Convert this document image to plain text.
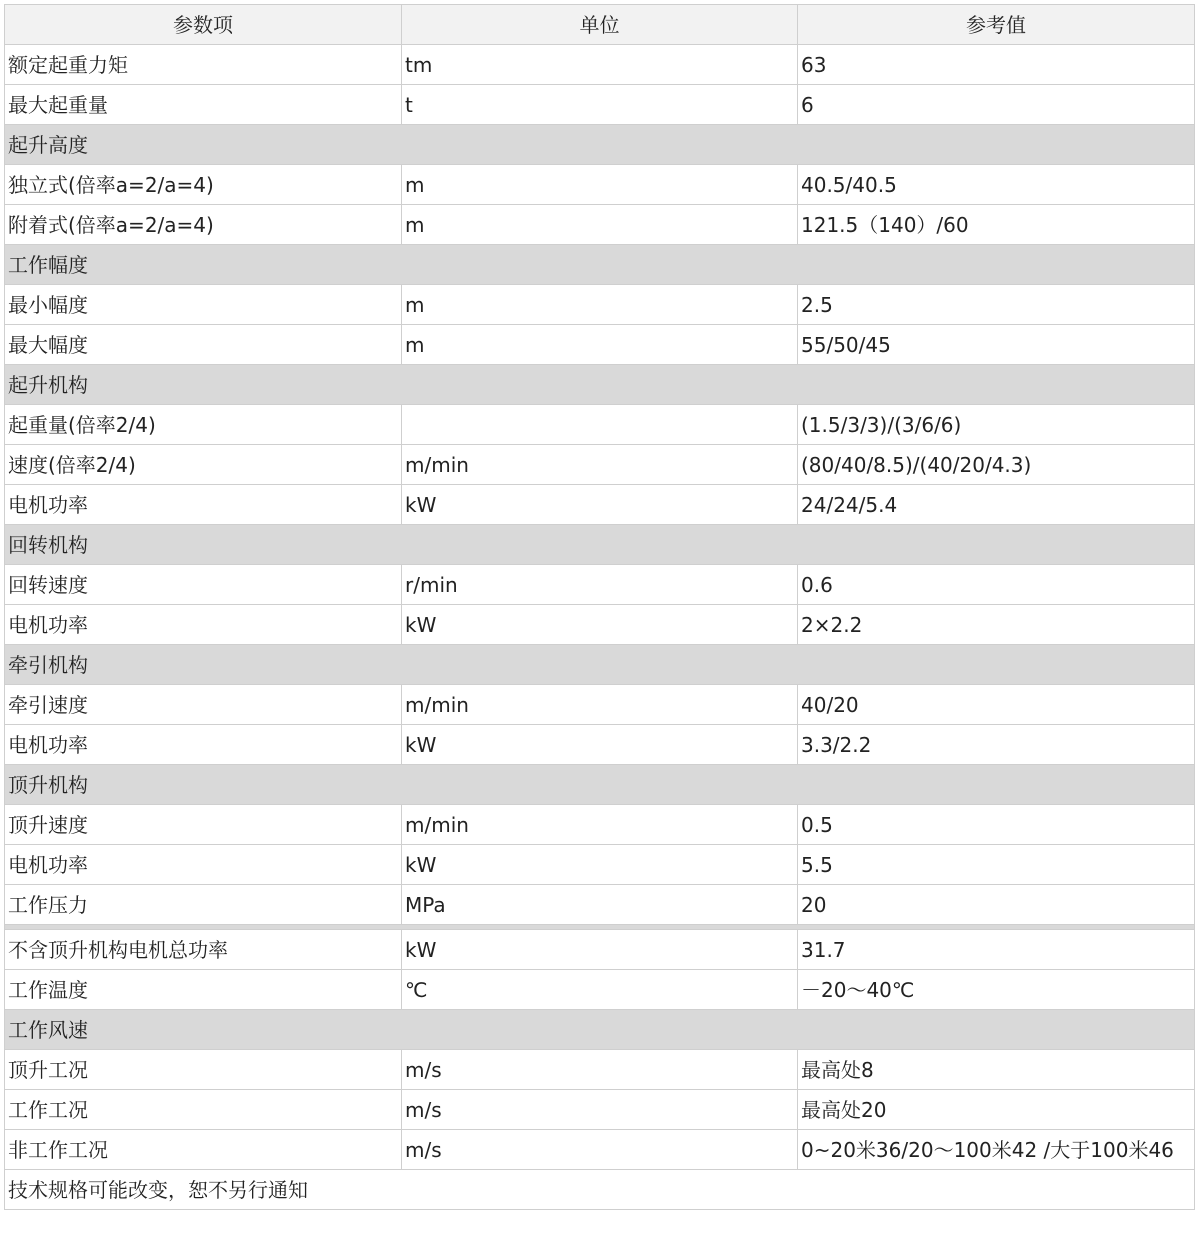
参数项	单位	参考值
额定起重力矩	tm	63
最大起重量	t	6
起升高度		
独立式(倍率a=2/a=4)	m	40.5/40.5
附着式(倍率a=2/a=4)	m	121.5（140）/60
工作幅度		
最小幅度	m	2.5
最大幅度	m	55/50/45
起升机构		
起重量(倍率2/4)		(1.5/3/3)/(3/6/6)
速度(倍率2/4)	m/min	(80/40/8.5)/(40/20/4.3)
电机功率	kW	24/24/5.4
回转机构		
回转速度	r/min	0.6
电机功率	kW	2×2.2
牵引机构		
牵引速度	m/min	40/20
电机功率	kW	3.3/2.2
顶升机构		
顶升速度	m/min	0.5
电机功率	kW	5.5
工作压力	MPa	20

不含顶升机构电机总功率	kW	31.7
工作温度	℃	－20～40℃
工作风速		
顶升工况	m/s	最高处8
工作工况	m/s	最高处20
非工作工况	m/s	0~20米36/20～100米42 /大于100米46
技术规格可能改变，恕不另行通知		
